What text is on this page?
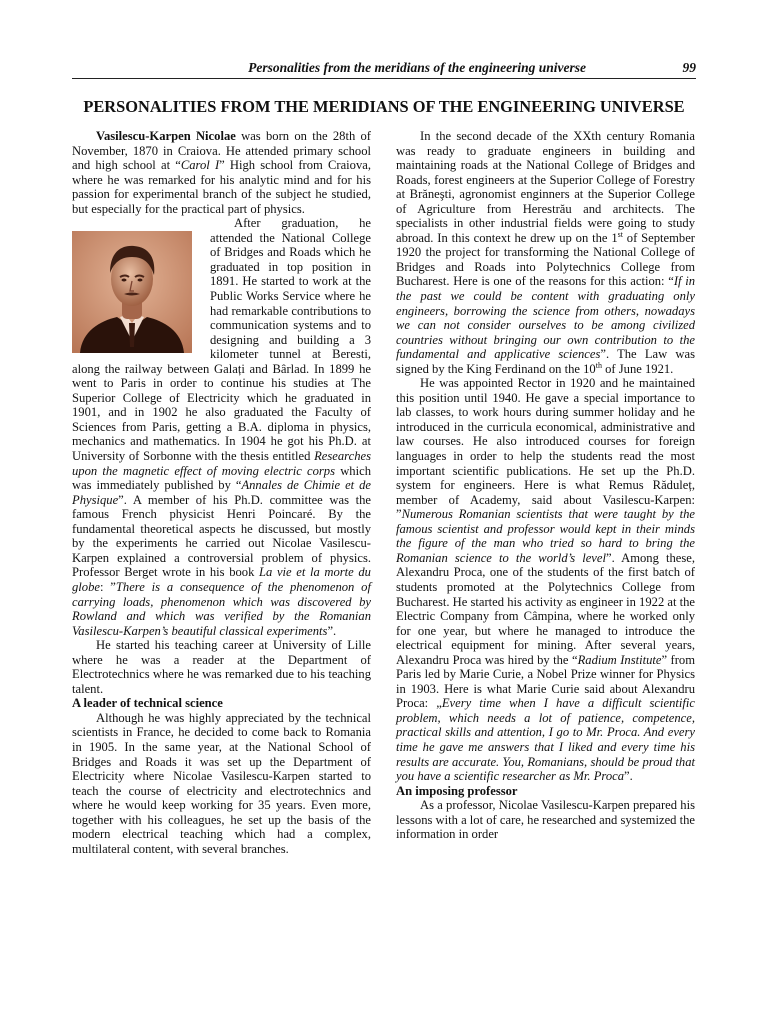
Personalities from the meridians of the engineering universe	99
PERSONALITIES FROM THE MERIDIANS OF THE ENGINEERING UNIVERSE

Vasilescu-Karpen Nicolae was born on the 28th of November, 1870 in Craiova. He attended primary school and high school at “Carol I” High school from Craiova, where he was remarked for his analytic mind and for his passion for experimental branch of the subject he studied, but especially for the practical part of physics.

After graduation, he attended the National College of Bridges and Roads which he graduated in top position in 1891. He started to work at the Public Works Service where he had remarkable contributions to communication systems and to designing and building a 3 kilometer tunnel at Beresti, along the railway between Galați and Bârlad. In 1899 he went to Paris in order to continue his studies at The Superior College of Electricity which he graduated in 1901, and in 1902 he also graduated the Faculty of Sciences from Paris, getting a B.A. diploma in physics, mechanics and mathematics. In 1904 he got his Ph.D. at University of Sorbonne with the thesis entitled Researches upon the magnetic effect of moving electric corps which was immediately published by “Annales de Chimie et de Physique”. A member of his Ph.D. committee was the famous French physicist Henri Poincaré. By the fundamental theoretical aspects he discussed, but mostly by the experiments he carried out Nicolae Vasilescu-Karpen explained a controversial problem of physics. Professor Berget wrote in his book La vie et la morte du globe: ”There is a consequence of the phenomenon of carrying loads, phenomenon which was discovered by Rowland and which was verified by the Romanian Vasilescu-Karpen’s beautiful classical experiments”.

He started his teaching career at University of Lille where he was a reader at the Department of Electrotechnics where he was remarked due to his teaching talent.

A leader of technical science

Although he was highly appreciated by the technical scientists in France, he decided to come back to Romania in 1905. In the same year, at the National School of Bridges and Roads it was set up the Department of Electricity where Nicolae Vasilescu-Karpen started to teach the course of electricity and electrotechnics and where he would keep working for 35 years. Even more, together with his colleagues, he set up the basis of the modern electrical teaching which had a complex, multilateral content, with several branches.

In the second decade of the XXth century Romania was ready to graduate engineers in building and maintaining roads at the National College of Bridges and Roads, forest engineers at the Superior College of Forestry at Brăneşti, agronomist enginners at the Superior College of Agriculture from Herestrău and architects. The specialists in other industrial fields were going to study abroad. In this context he drew up on the 1st of September 1920 the project for transforming the National College of Bridges and Roads into Polytechnics College from Bucharest. Here is one of the reasons for this action: “If in the past we could be content with graduating only engineers, borrowing the science from others, nowadays we can not consider ourselves to be among civilized countries without bringing our own contribution to the fundamental and applicative sciences”. The Law was signed by the King Ferdinand on the 10th of June 1921.

He was appointed Rector in 1920 and he maintained this position until 1940. He gave a special importance to lab classes, to work hours during summer holiday and he introduced in the curricula economical, administrative and law courses. He also introduced courses for foreign languages in order to help the students read the most important scientific publications. He set up the Ph.D. system for engineers. Here is what Remus Răduleț, member of Academy, said about Vasilescu-Karpen: ”Numerous Romanian scientists that were taught by the famous scientist and professor would kept in their minds the figure of the man who tried so hard to bring the Romanian science to the world’s level”. Among these, Alexandru Proca, one of the students of the first batch of students promoted at the Polytechnics College from Bucharest. He started his activity as engineer in 1922 at the Electric Company from Câmpina, where he worked only for one year, but where he managed to introduce the electrical equipment for mining. After several years, Alexandru Proca was hired by the “Radium Institute” from Paris led by Marie Curie, a Nobel Prize winner for Physics in 1903. Here is what Marie Curie said about Alexandru Proca: „Every time when I have a difficult scientific problem, which needs a lot of patience, competence, practical skills and attention, I go to Mr. Proca. And every time he gave me answers that I liked and every time his results are accurate. You, Romanians, should be proud that you have a scientific researcher as Mr. Proca”.

An imposing professor

As a professor, Nicolae Vasilescu-Karpen prepared his lessons with a lot of care, he researched and systemized the information in order
